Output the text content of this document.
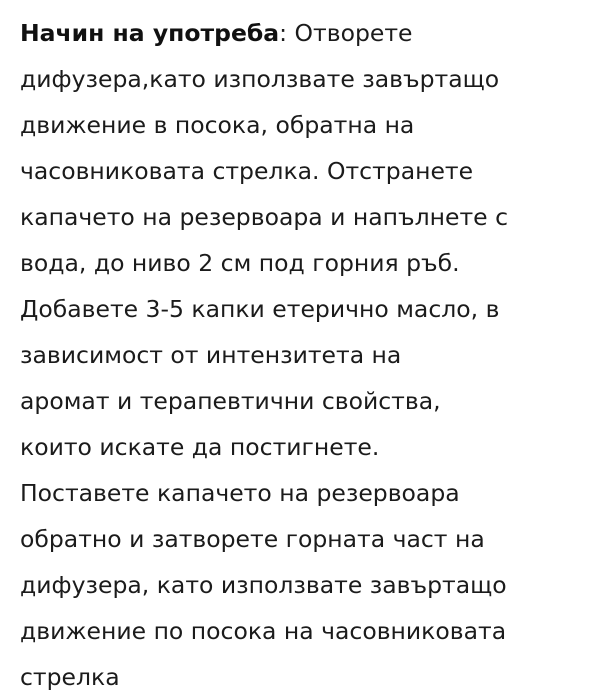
Начин на употреба: Отворете
дифузера,като използвате завъртащо
движение в посока, обратна на
часовниковата стрелка. Отстранете
капачето на резервоара и напълнете с
вода, до ниво 2 см под горния ръб.
Добавете 3-5 капки етерично масло, в
зависимост от интензитета на
аромат и терапевтични свойства,
които искате да постигнете.
Поставете капачето на резервоара
обратно и затворете горната част на
дифузера, като използвате завъртащо
движение по посока на часовниковата
стрелка
